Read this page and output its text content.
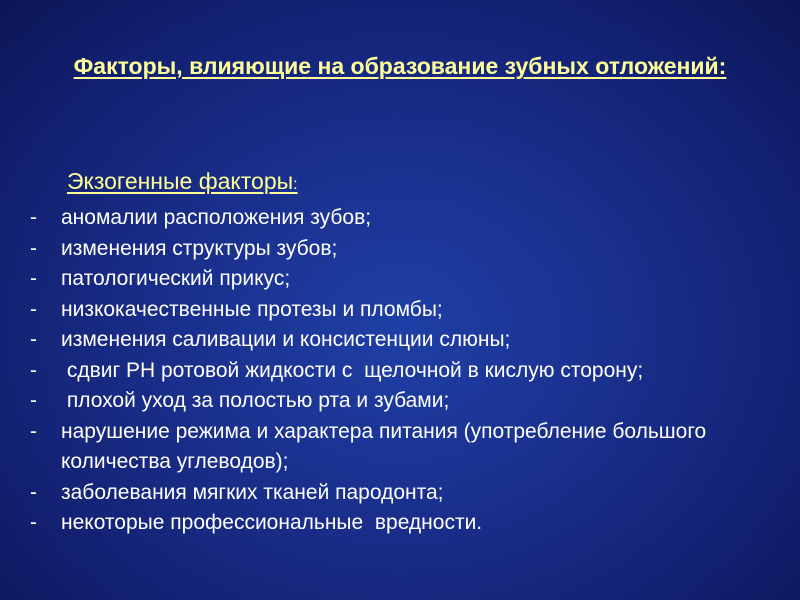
Факторы, влияющие на образование зубных отложений:
Экзогенные факторы:
- аномалии расположения зубов;
- изменения структуры зубов;
- патологический прикус;
- низкокачественные протезы и пломбы;
- изменения саливации и консистенции слюны;
- сдвиг РН ротовой жидкости с  щелочной в кислую сторону;
- плохой уход за полостью рта и зубами;
- нарушение режима и характера питания (употребление большого количества углеводов);
- заболевания мягких тканей пародонта;
- некоторые профессиональные  вредности.
